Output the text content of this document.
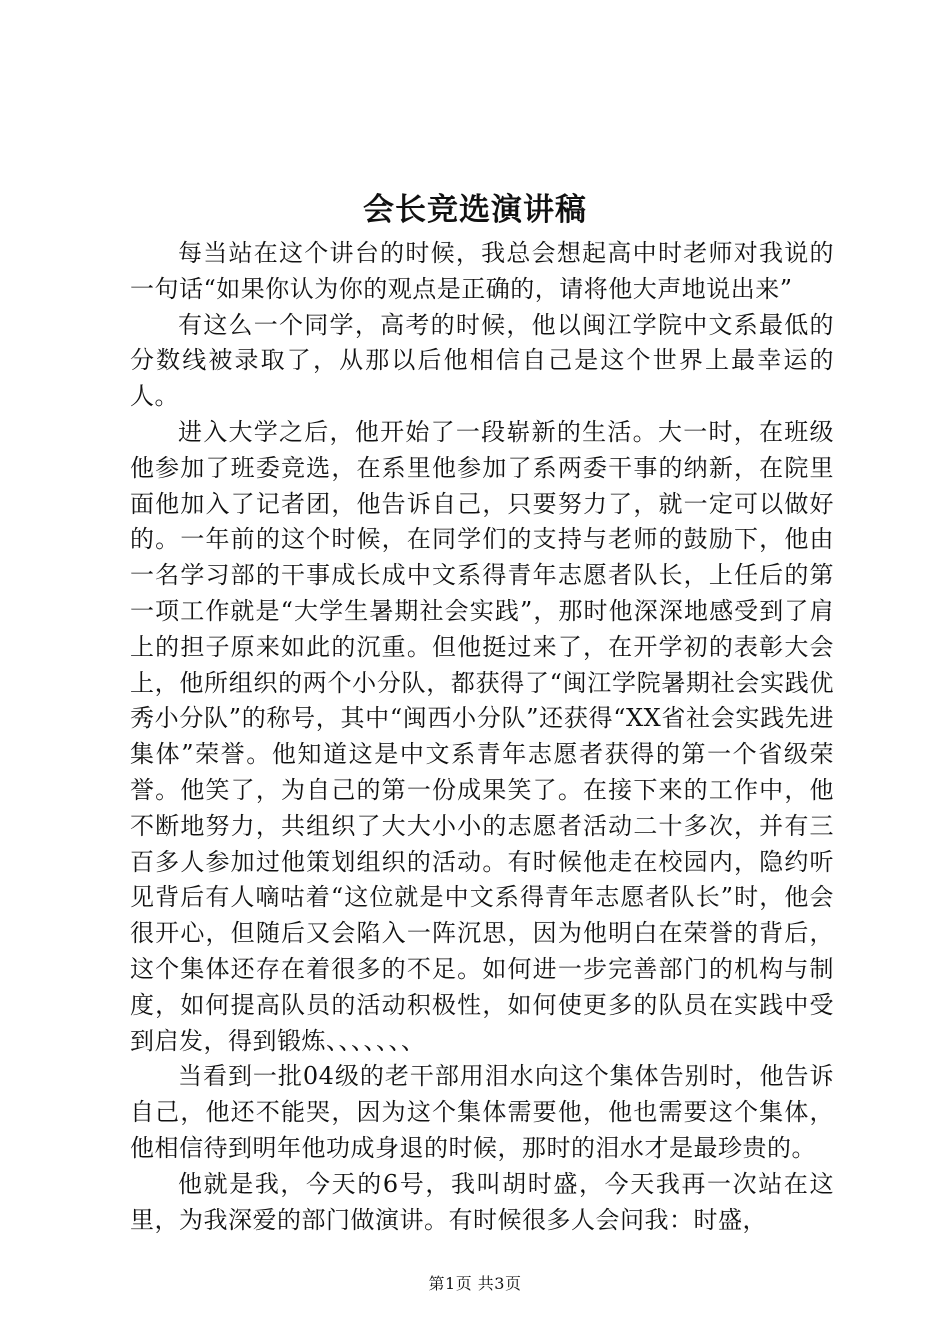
会长竞选演讲稿

每当站在这个讲台的时候，我总会想起高中时老师对我说的一句话“如果你认为你的观点是正确的，请将他大声地说出来”

有这么一个同学，高考的时候，他以闽江学院中文系最低的分数线被录取了，从那以后他相信自己是这个世界上最幸运的人。

进入大学之后，他开始了一段崭新的生活。大一时，在班级他参加了班委竞选，在系里他参加了系两委干事的纳新，在院里面他加入了记者团，他告诉自己，只要努力了，就一定可以做好的。一年前的这个时候，在同学们的支持与老师的鼓励下，他由一名学习部的干事成长成中文系得青年志愿者队长，上任后的第一项工作就是“大学生暑期社会实践”，那时他深深地感受到了肩上的担子原来如此的沉重。但他挺过来了，在开学初的表彰大会上，他所组织的两个小分队，都获得了“闽江学院暑期社会实践优秀小分队”的称号，其中“闽西小分队”还获得“XX省社会实践先进集体”荣誉。他知道这是中文系青年志愿者获得的第一个省级荣誉。他笑了，为自己的第一份成果笑了。在接下来的工作中，他不断地努力，共组织了大大小小的志愿者活动二十多次，并有三百多人参加过他策划组织的活动。有时候他走在校园内，隐约听见背后有人嘀咕着“这位就是中文系得青年志愿者队长”时，他会很开心，但随后又会陷入一阵沉思，因为他明白在荣誉的背后，这个集体还存在着很多的不足。如何进一步完善部门的机构与制度，如何提高队员的活动积极性，如何使更多的队员在实践中受到启发，得到锻炼、、、、、、、

当看到一批04级的老干部用泪水向这个集体告别时，他告诉自己，他还不能哭，因为这个集体需要他，他也需要这个集体，他相信待到明年他功成身退的时候，那时的泪水才是最珍贵的。

他就是我，今天的6号，我叫胡时盛，今天我再一次站在这里，为我深爱的部门做演讲。有时候很多人会问我：时盛，

第1页 共3页
